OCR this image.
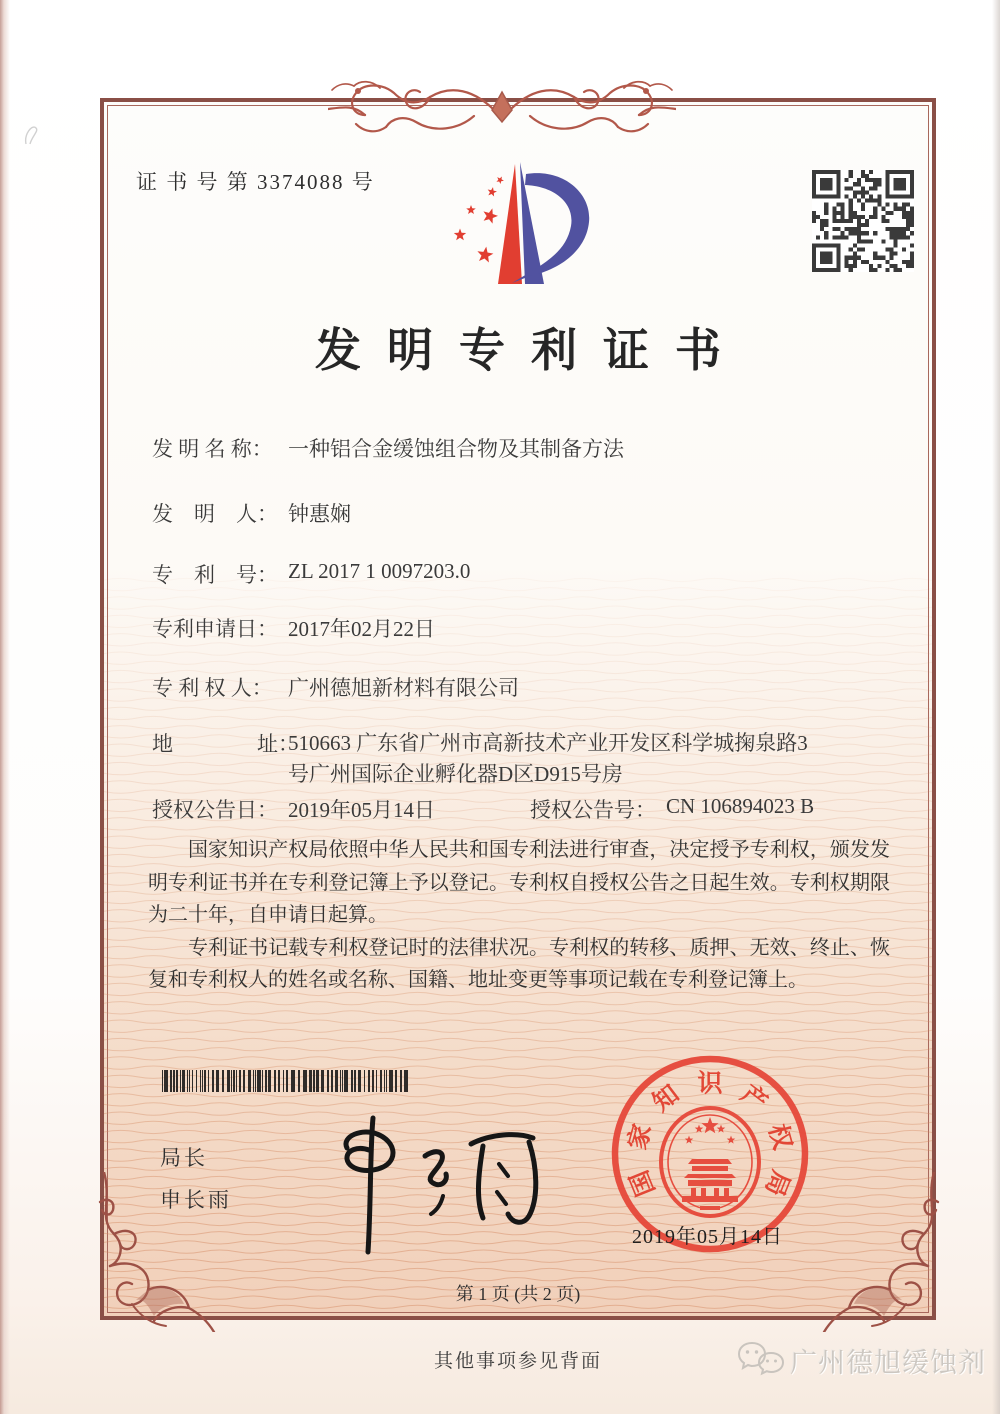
证 书 号 第 3374088 号
发明专利证书
发 明 名 称： 一种铝合金缓蚀组合物及其制备方法
发　明　人： 钟惠娴
专　利　号： ZL 2017 1 0097203.0
专利申请日： 2017年02月22日
专 利 权 人： 广州德旭新材料有限公司
地　　　　址：510663 广东省广州市高新技术产业开发区科学城掬泉路3
号广州国际企业孵化器D区D915号房
授权公告日： 2019年05月14日	授权公告号： CN 106894023 B

国家知识产权局依照中华人民共和国专利法进行审查，决定授予专利权，颁发发明专利证书并在专利登记簿上予以登记。专利权自授权公告之日起生效。专利权期限为二十年，自申请日起算。

专利证书记载专利权登记时的法律状况。专利权的转移、质押、无效、终止、恢复和专利权人的姓名或名称、国籍、地址变更等事项记载在专利登记簿上。

局长
申长雨
国
家
知 识 产
权
局
2019年05月14日
第 1 页 (共 2 页)
其他事项参见背面	广州德旭缓蚀剂
